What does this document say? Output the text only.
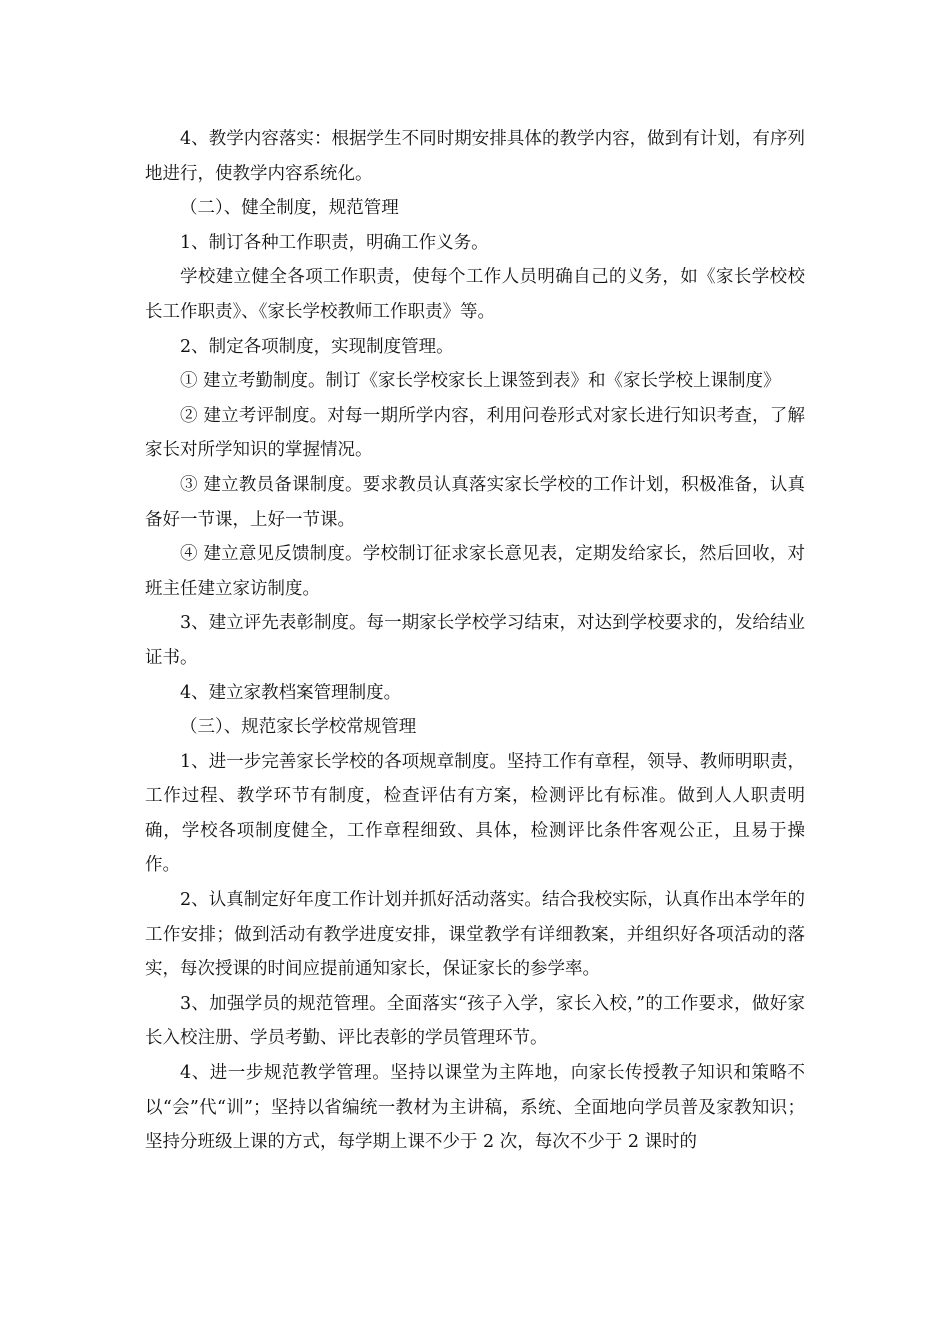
4、教学内容落实：根据学生不同时期安排具体的教学内容，做到有计划，有序列地进行，使教学内容系统化。

（二）、健全制度，规范管理

1、制订各种工作职责，明确工作义务。

学校建立健全各项工作职责，使每个工作人员明确自己的义务，如《家长学校校长工作职责》、《家长学校教师工作职责》等。

2、制定各项制度，实现制度管理。

① 建立考勤制度。制订《家长学校家长上课签到表》和《家长学校上课制度》

② 建立考评制度。对每一期所学内容，利用问卷形式对家长进行知识考查，了解家长对所学知识的掌握情况。

③ 建立教员备课制度。要求教员认真落实家长学校的工作计划，积极准备，认真备好一节课，上好一节课。

④ 建立意见反馈制度。学校制订征求家长意见表，定期发给家长，然后回收，对班主任建立家访制度。

3、建立评先表彰制度。每一期家长学校学习结束，对达到学校要求的，发给结业证书。

4、建立家教档案管理制度。

（三）、规范家长学校常规管理

1、进一步完善家长学校的各项规章制度。坚持工作有章程，领导、教师明职责，工作过程、教学环节有制度，检查评估有方案，检测评比有标准。做到人人职责明确，学校各项制度健全，工作章程细致、具体，检测评比条件客观公正，且易于操作。

2、认真制定好年度工作计划并抓好活动落实。结合我校实际，认真作出本学年的工作安排；做到活动有教学进度安排，课堂教学有详细教案，并组织好各项活动的落实，每次授课的时间应提前通知家长，保证家长的参学率。

3、加强学员的规范管理。全面落实“孩子入学，家长入校，”的工作要求，做好家长入校注册、学员考勤、评比表彰的学员管理环节。

4、进一步规范教学管理。坚持以课堂为主阵地，向家长传授教子知识和策略不以“会”代“训”；坚持以省编统一教材为主讲稿，系统、全面地向学员普及家教知识；坚持分班级上课的方式，每学期上课不少于 2 次，每次不少于 2 课时的
